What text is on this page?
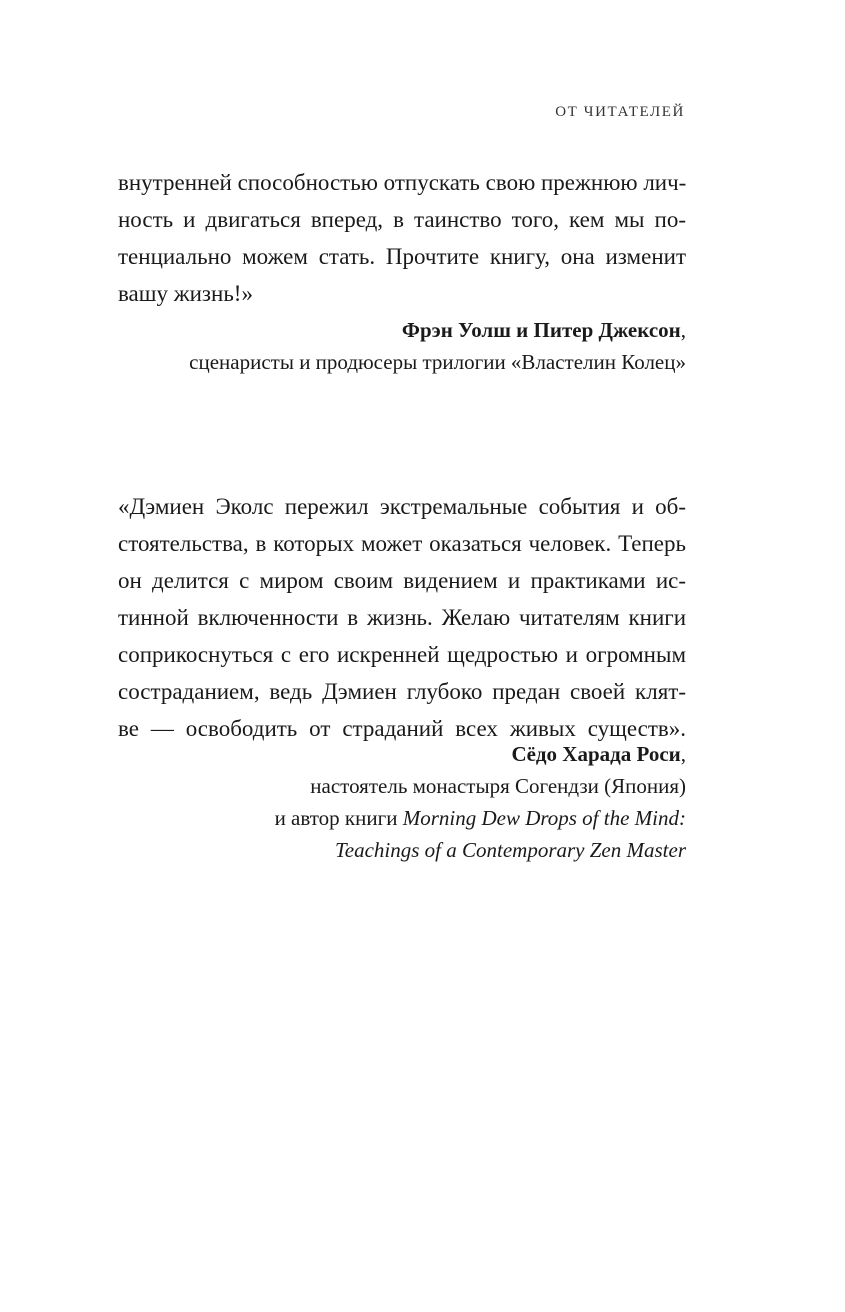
ОТ ЧИТАТЕЛЕЙ
внутренней способностью отпускать свою прежнюю лич-
ность и двигаться вперед, в таинство того, кем мы по-
тенциально можем стать. Прочтите книгу, она изменит
вашу жизнь!»
Фрэн Уолш и Питер Джексон,
сценаристы и продюсеры трилогии «Властелин Колец»
«Дэмиен Эколс пережил экстремальные события и об-
стоятельства, в которых может оказаться человек. Теперь
он делится с миром своим видением и практиками ис-
тинной включенности в жизнь. Желаю читателям книги
соприкоснуться с его искренней щедростью и огромным
состраданием, ведь Дэмиен глубоко предан своей клят-
ве — освободить от страданий всех живых существ».
Сёдо Харада Роси,
настоятель монастыря Согендзи (Япония)
и автор книги Morning Dew Drops of the Mind:
Teachings of a Contemporary Zen Master
